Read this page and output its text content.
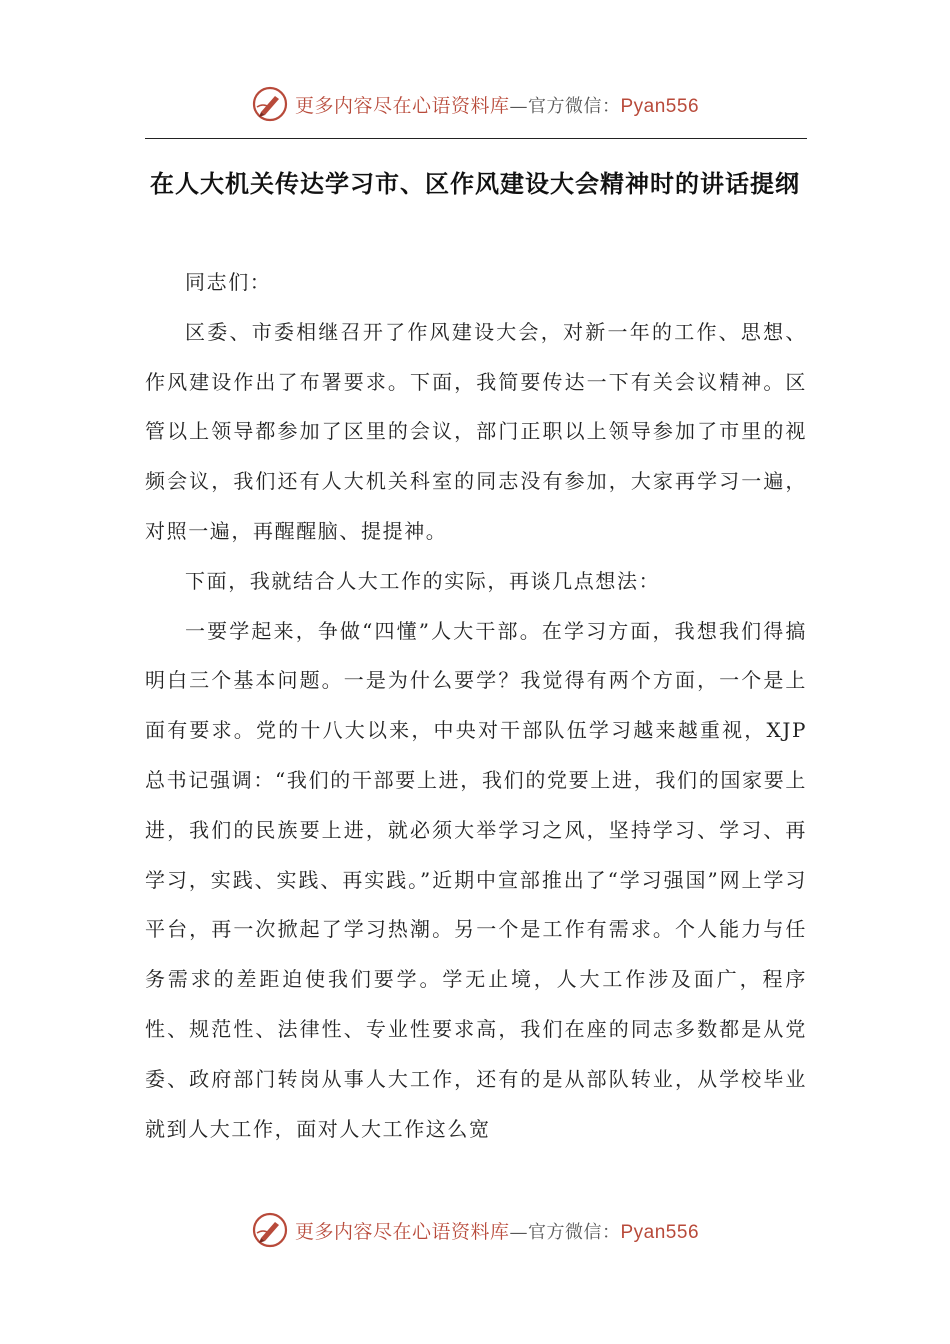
更多内容尽在心语资料库—官方微信：Pyan556
在人大机关传达学习市、区作风建设大会精神时的讲话提纲

同志们：

区委、市委相继召开了作风建设大会，对新一年的工作、思想、作风建设作出了布署要求。下面，我简要传达一下有关会议精神。区管以上领导都参加了区里的会议，部门正职以上领导参加了市里的视频会议，我们还有人大机关科室的同志没有参加，大家再学习一遍，对照一遍，再醒醒脑、提提神。

下面，我就结合人大工作的实际，再谈几点想法：

一要学起来，争做“四懂”人大干部。在学习方面，我想我们得搞明白三个基本问题。一是为什么要学？我觉得有两个方面，一个是上面有要求。党的十八大以来，中央对干部队伍学习越来越重视，XJP总书记强调：“我们的干部要上进，我们的党要上进，我们的国家要上进，我们的民族要上进，就必须大举学习之风，坚持学习、学习、再学习，实践、实践、再实践。”近期中宣部推出了“学习强国”网上学习平台，再一次掀起了学习热潮。另一个是工作有需求。个人能力与任务需求的差距迫使我们要学。学无止境，人大工作涉及面广，程序性、规范性、法律性、专业性要求高，我们在座的同志多数都是从党委、政府部门转岗从事人大工作，还有的是从部队转业，从学校毕业就到人大工作，面对人大工作这么宽

更多内容尽在心语资料库—官方微信：Pyan556
